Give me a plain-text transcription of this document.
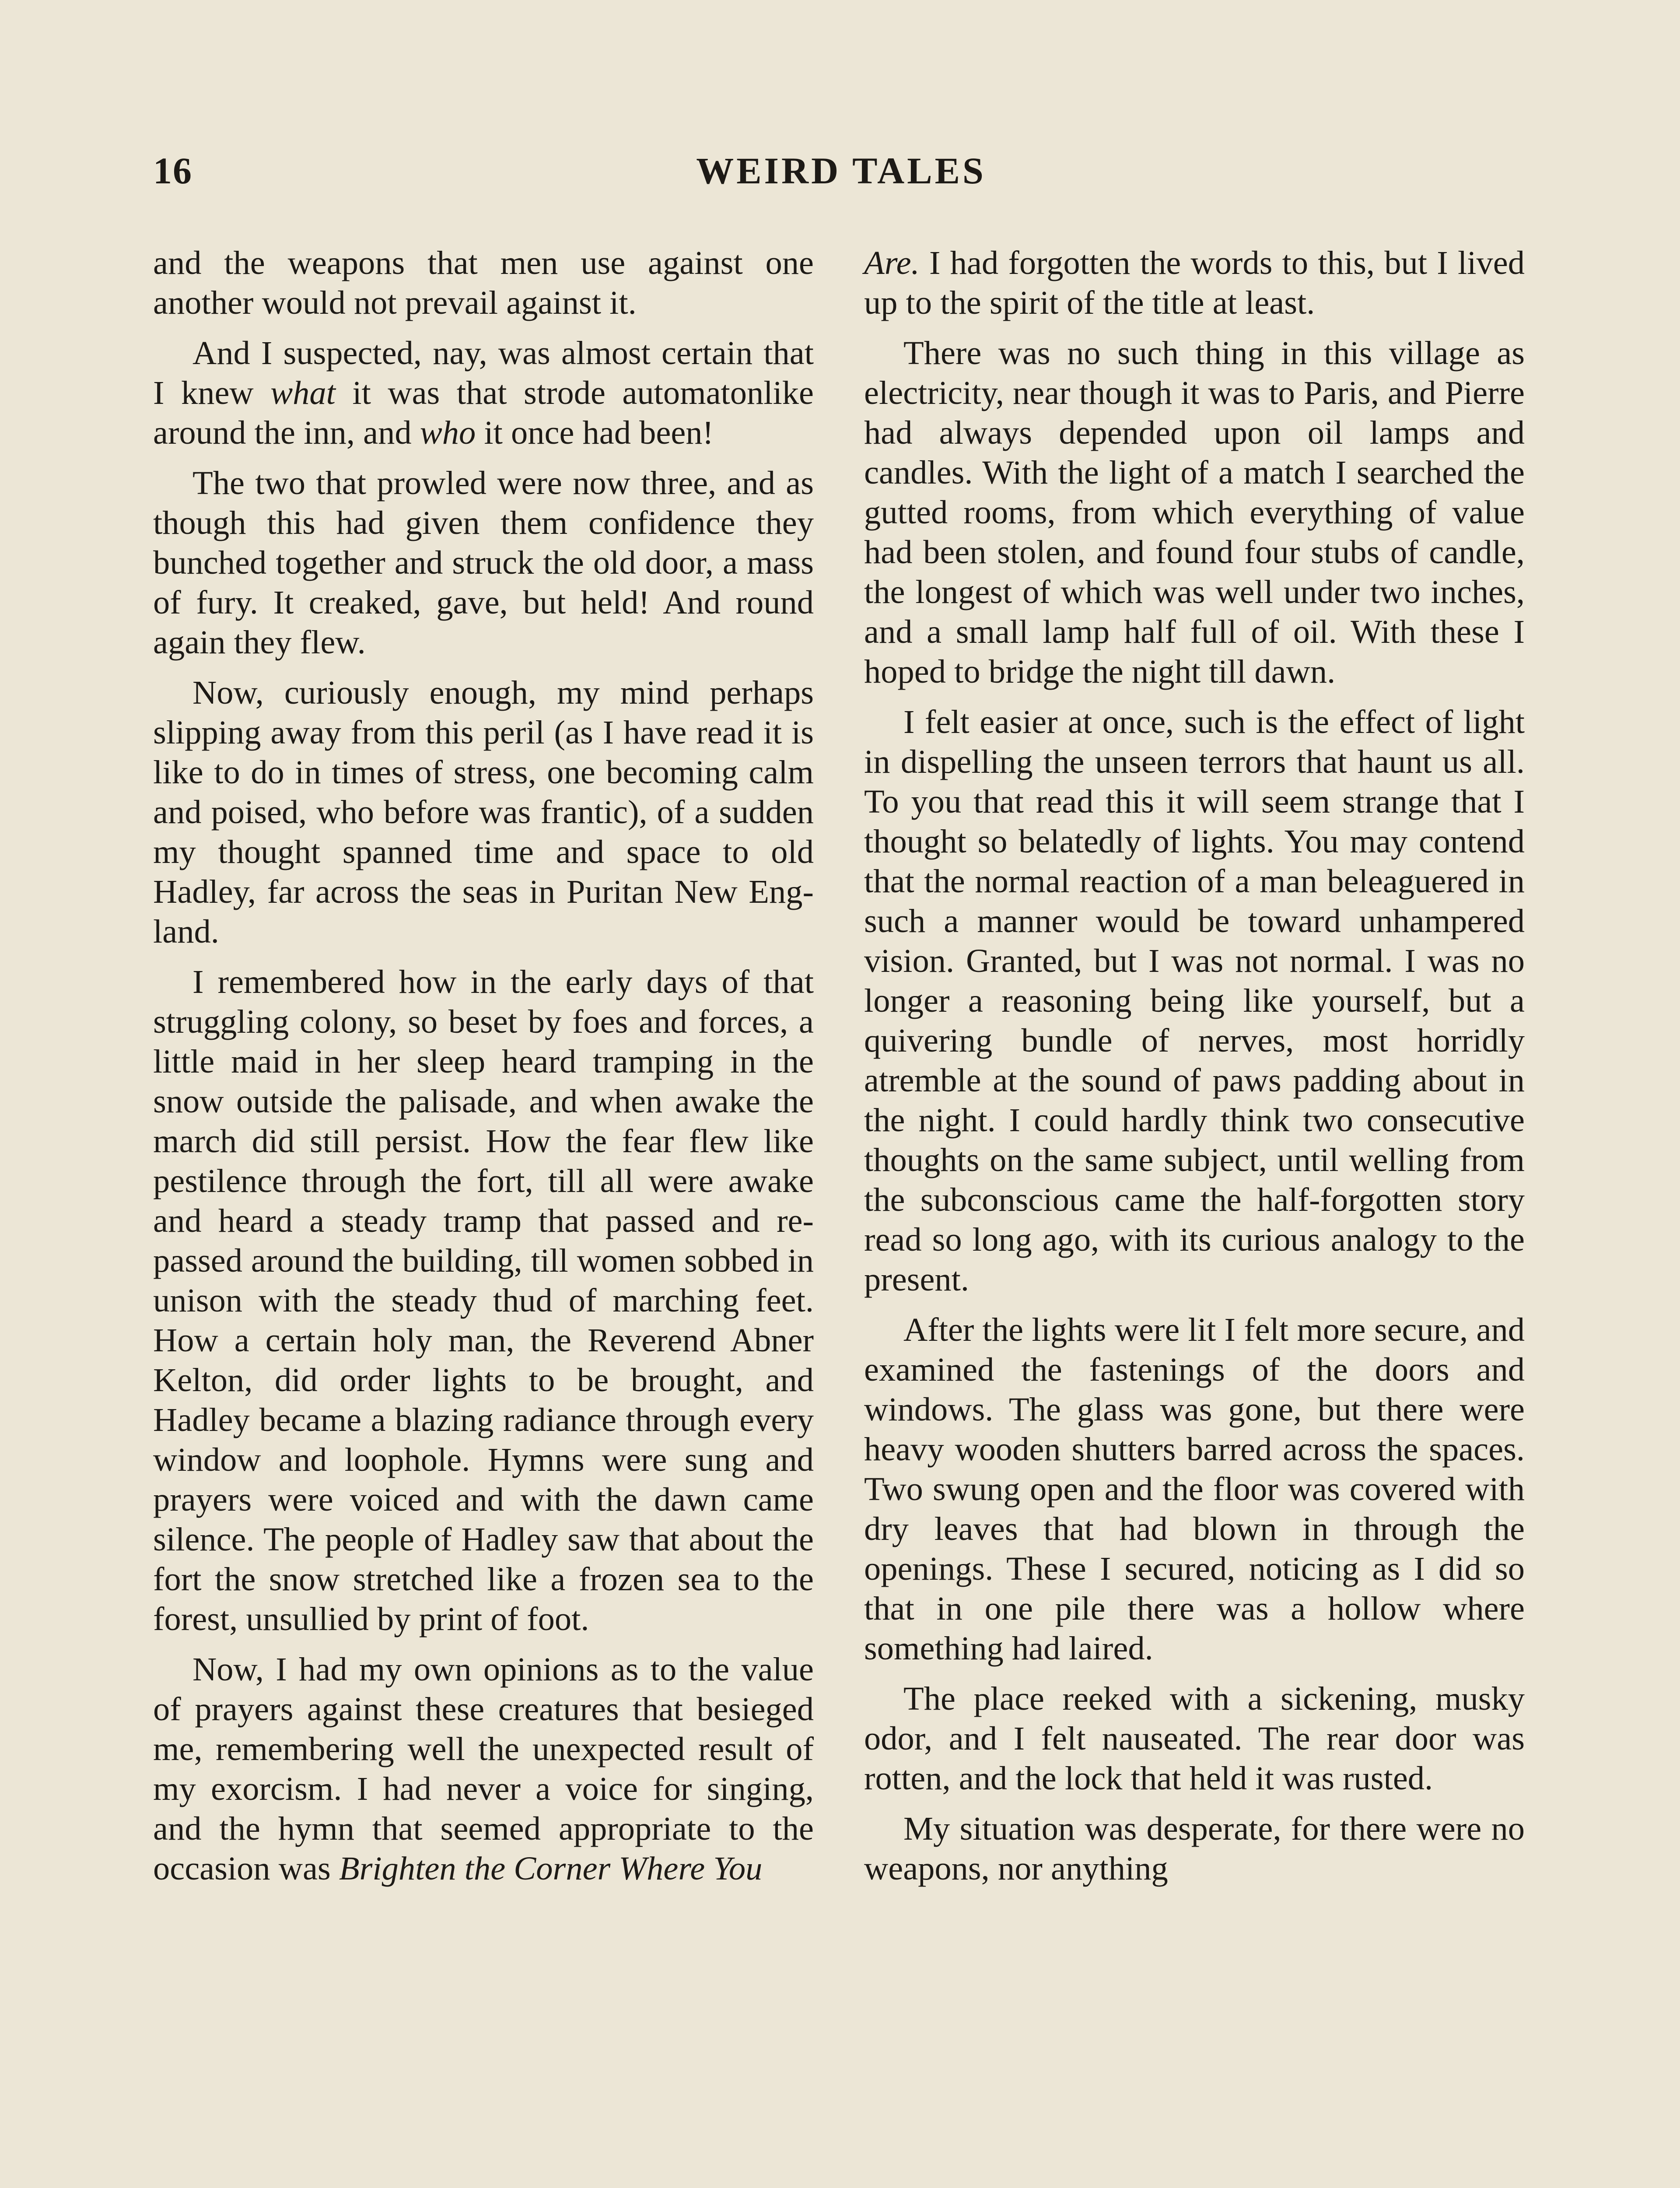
16	WEIRD TALES

and the weapons that men use against one another would not prevail against it.

And I suspected, nay, was almost certain that I knew what it was that strode automatonlike around the inn, and who it once had been!

The two that prowled were now three, and as though this had given them confidence they bunched together and struck the old door, a mass of fury. It creaked, gave, but held! And round again they flew.

Now, curiously enough, my mind perhaps slipping away from this peril (as I have read it is like to do in times of stress, one becoming calm and poised, who before was frantic), of a sudden my thought spanned time and space to old Hadley, far across the seas in Puritan New England.

I remembered how in the early days of that struggling colony, so beset by foes and forces, a little maid in her sleep heard tramping in the snow outside the palisade, and when awake the march did still persist. How the fear flew like pestilence through the fort, till all were awake and heard a steady tramp that passed and repassed around the building, till women sobbed in unison with the steady thud of marching feet. How a certain holy man, the Reverend Abner Kelton, did order lights to be brought, and Hadley became a blazing radiance through every window and loophole. Hymns were sung and prayers were voiced and with the dawn came silence. The people of Hadley saw that about the fort the snow stretched like a frozen sea to the forest, unsullied by print of foot.

Now, I had my own opinions as to the value of prayers against these creatures that besieged me, remembering well the unexpected result of my exorcism. I had never a voice for singing, and the hymn that seemed appropriate to the occasion was Brighten the Corner Where You

Are. I had forgotten the words to this, but I lived up to the spirit of the title at least.

There was no such thing in this village as electricity, near though it was to Paris, and Pierre had always depended upon oil lamps and candles. With the light of a match I searched the gutted rooms, from which everything of value had been stolen, and found four stubs of candle, the longest of which was well under two inches, and a small lamp half full of oil. With these I hoped to bridge the night till dawn.

I felt easier at once, such is the effect of light in dispelling the unseen terrors that haunt us all. To you that read this it will seem strange that I thought so belatedly of lights. You may contend that the normal reaction of a man beleaguered in such a manner would be toward unhampered vision. Granted, but I was not normal. I was no longer a reasoning being like yourself, but a quivering bundle of nerves, most horridly atremble at the sound of paws padding about in the night. I could hardly think two consecutive thoughts on the same subject, until welling from the subconscious came the half-forgotten story read so long ago, with its curious analogy to the present.

After the lights were lit I felt more secure, and examined the fastenings of the doors and windows. The glass was gone, but there were heavy wooden shutters barred across the spaces. Two swung open and the floor was covered with dry leaves that had blown in through the openings. These I secured, noticing as I did so that in one pile there was a hollow where something had laired.

The place reeked with a sickening, musky odor, and I felt nauseated. The rear door was rotten, and the lock that held it was rusted.

My situation was desperate, for there were no weapons, nor anything
